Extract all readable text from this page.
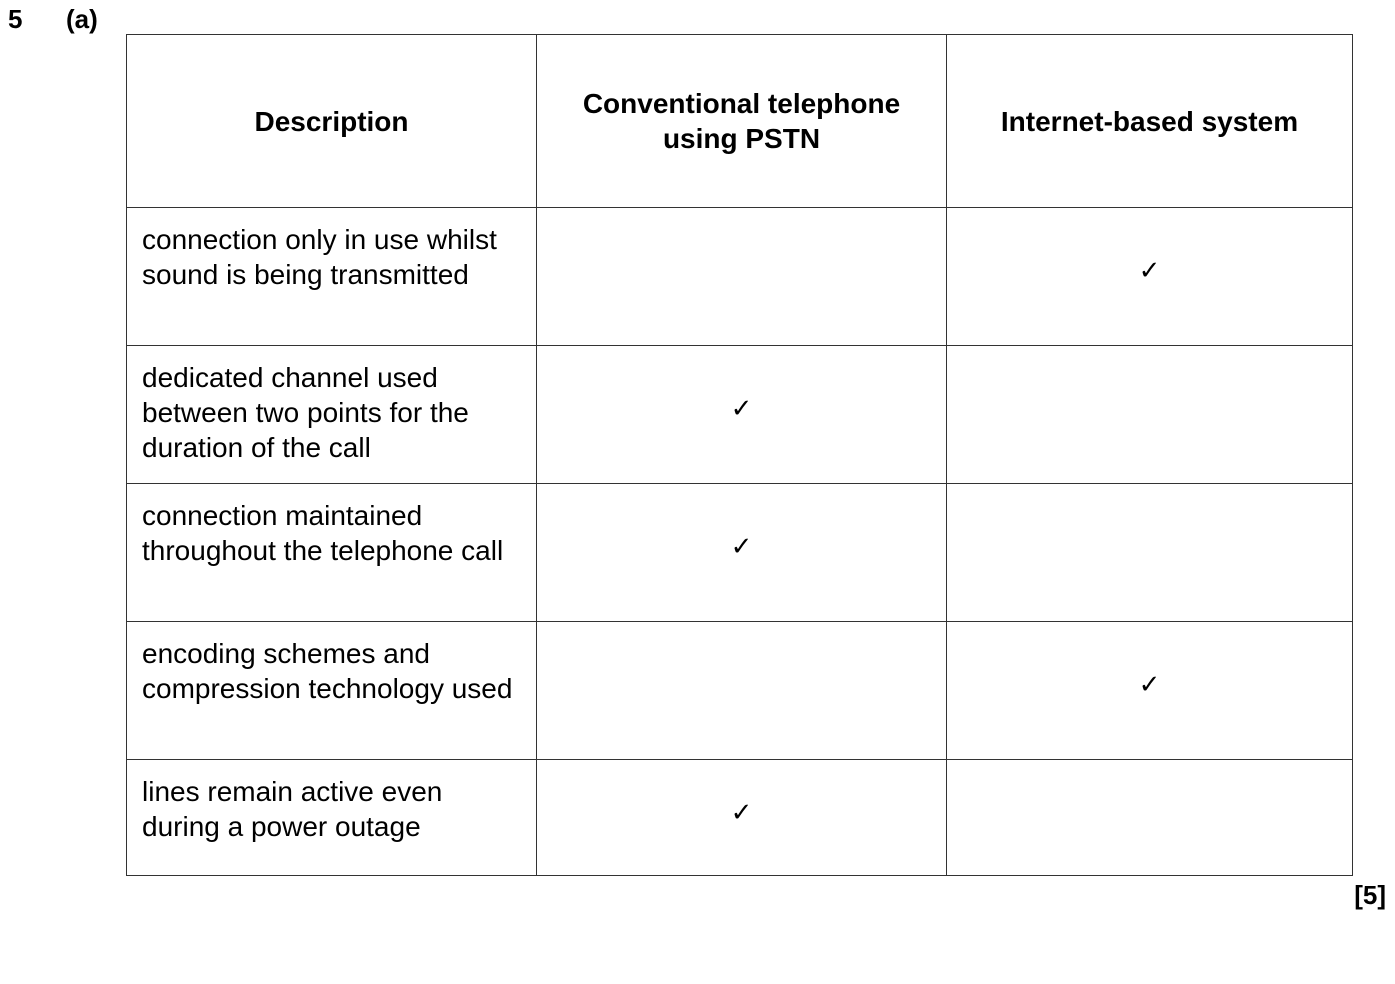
5 (a)
Description	Conventional telephone using PSTN	Internet-based system
connection only in use whilst sound is being transmitted		✓
dedicated channel used between two points for the duration of the call	✓	
connection maintained throughout the telephone call	✓	
encoding schemes and compression technology used		✓
lines remain active even during a power outage	✓	
[5]
